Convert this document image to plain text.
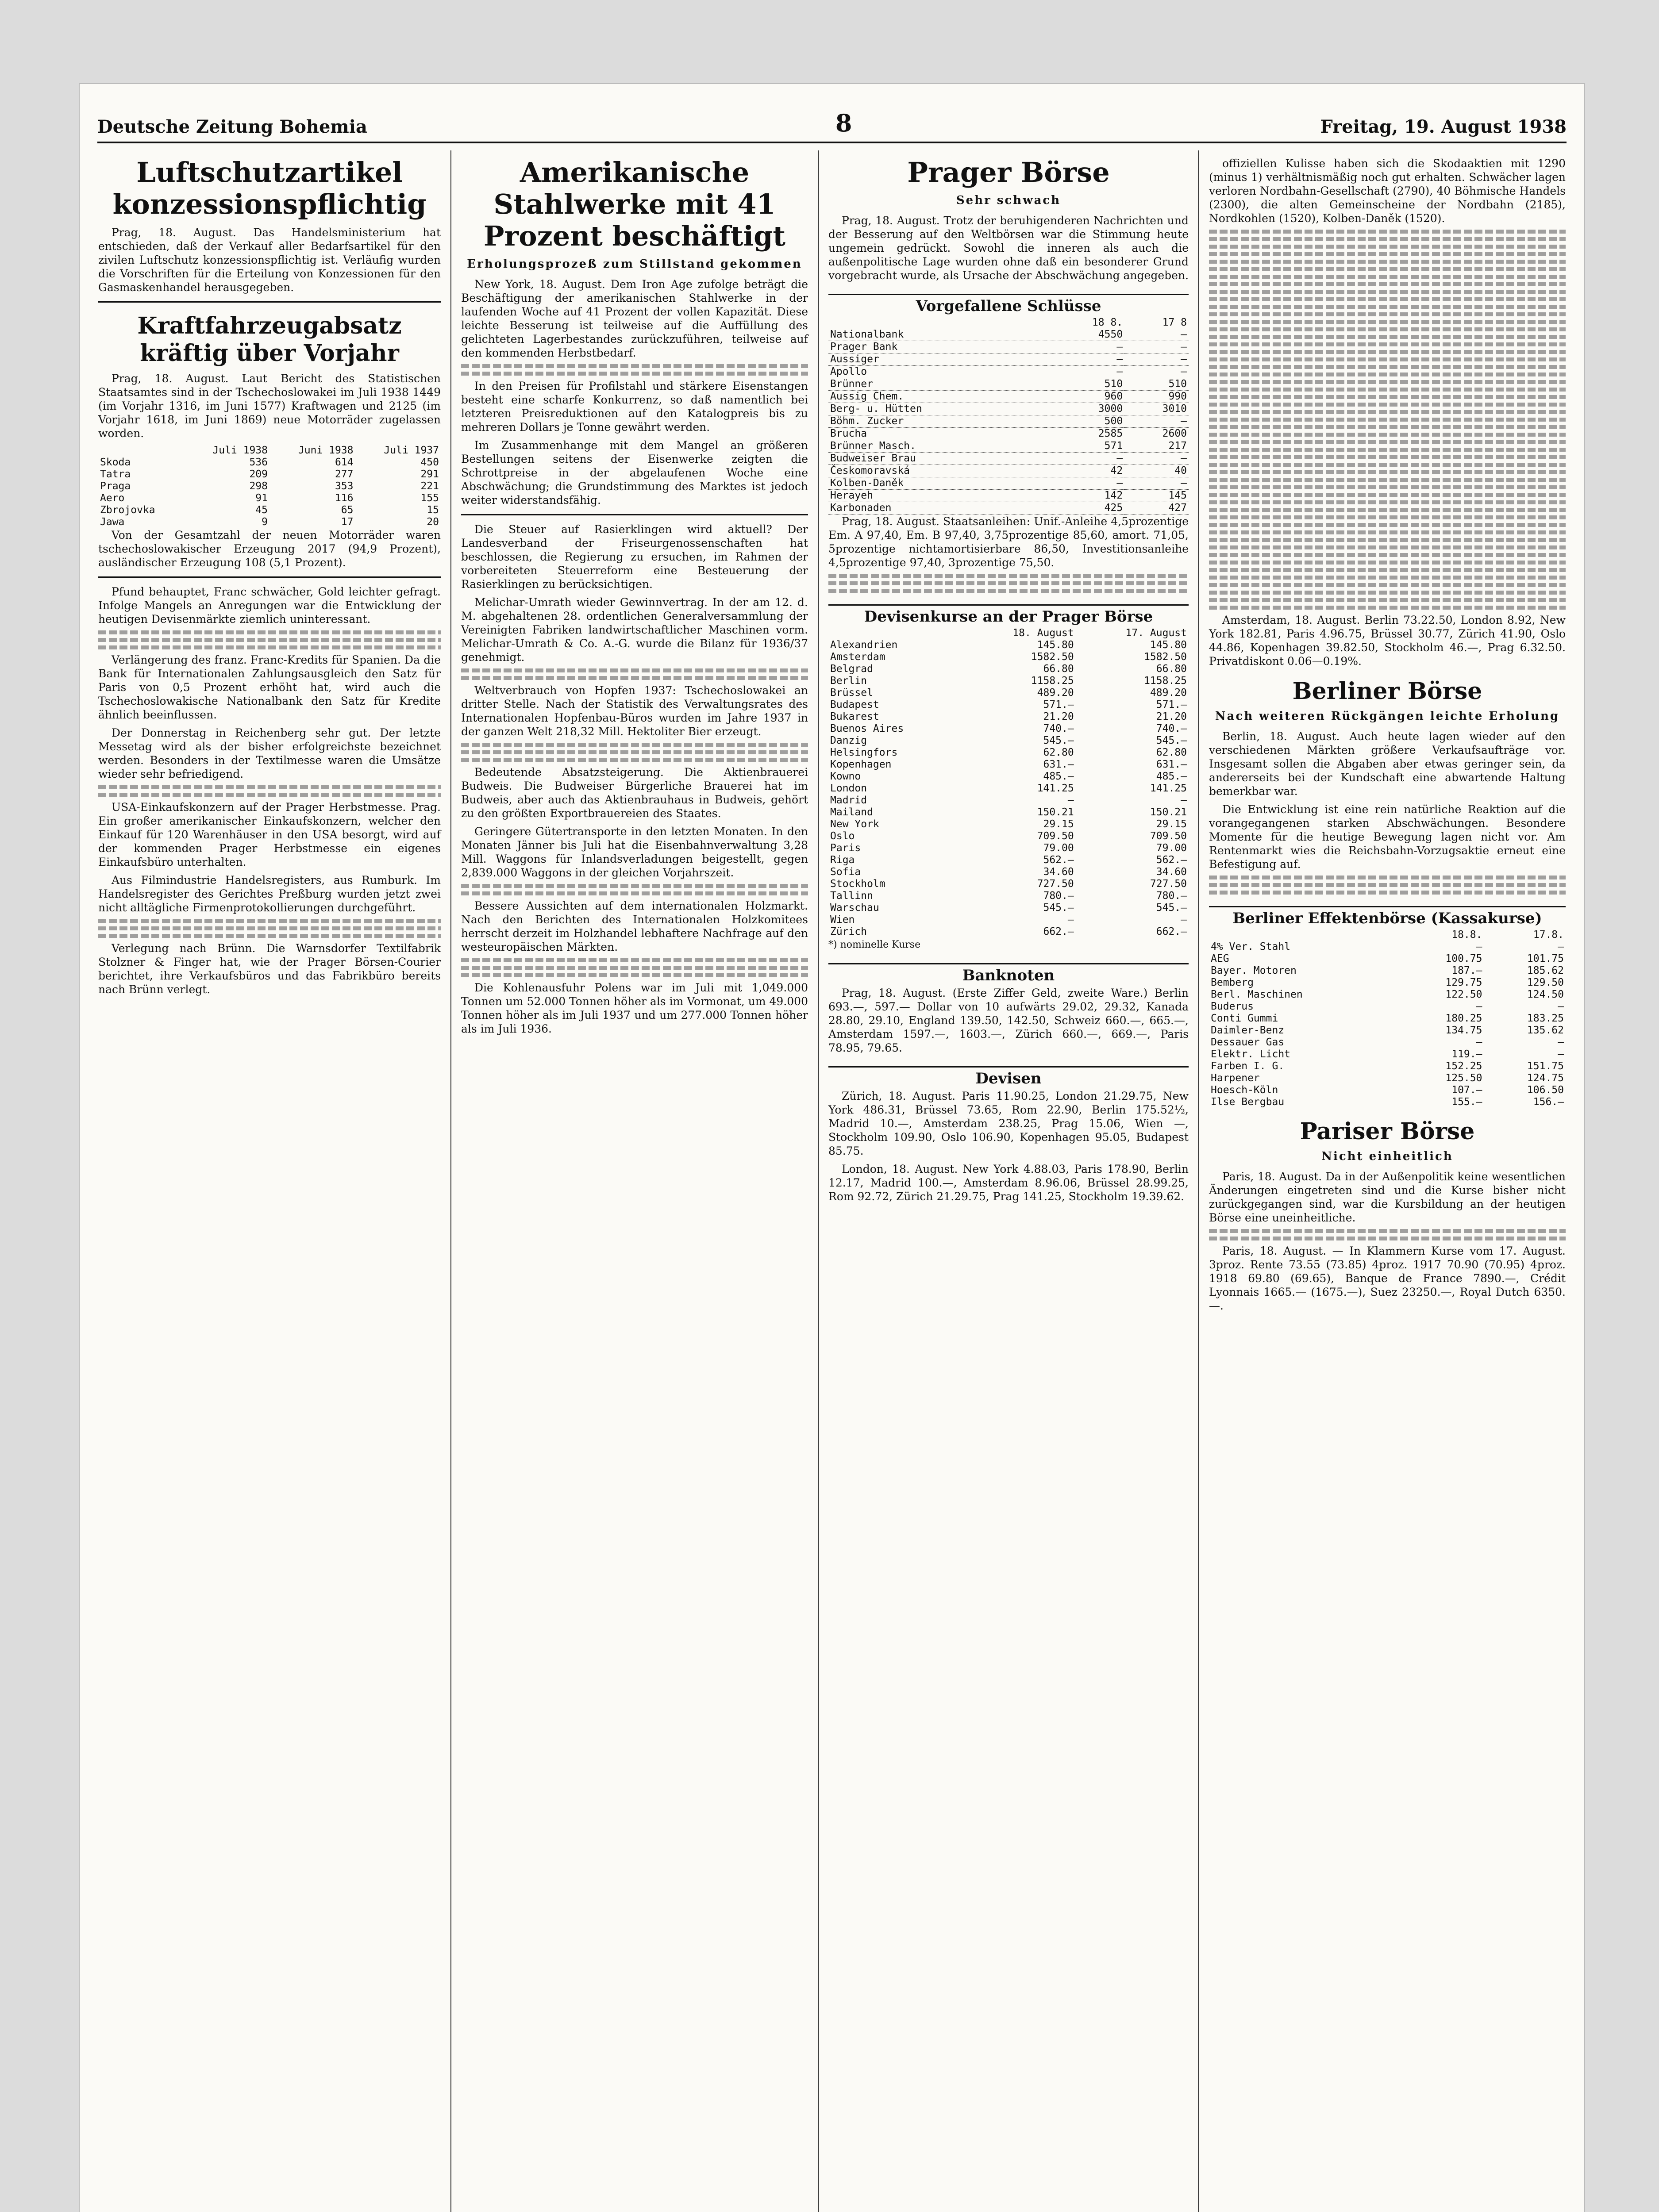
Deutsche Zeitung Bohemia	8	Freitag, 19. August 1938
Luftschutzartikel konzessionspflichtig

Prag, 18. August. Das Handelsministerium hat entschieden, daß der Verkauf aller Bedarfsartikel für den zivilen Luftschutz konzessionspflichtig ist. Verläufig wurden die Vorschriften für die Erteilung von Konzessionen für den Gasmaskenhandel herausgegeben.

Kraftfahrzeugabsatz kräftig über Vorjahr

Prag, 18. August. Laut Bericht des Statistischen Staatsamtes sind in der Tschechoslowakei im Juli 1938 1449 (im Vorjahr 1316, im Juni 1577) Kraftwagen und 2125 (im Vorjahr 1618, im Juni 1869) neue Motorräder zugelassen worden.

	Juli 1938	Juni 1938	Juli 1937
Skoda	536	614	450
Tatra	209	277	291
Praga	298	353	221
Aero	91	116	155
Zbrojovka	45	65	15
Jawa	9	17	20

Von der Gesamtzahl der neuen Motorräder waren tschechoslowakischer Erzeugung 2017 (94,9 Prozent), ausländischer Erzeugung 108 (5,1 Prozent).

Pfund behauptet, Franc schwächer, Gold leichter gefragt. Infolge Mangels an Anregungen war die Entwicklung der heutigen Devisenmärkte ziemlich uninteressant.

Verlängerung des franz. Franc-Kredits für Spanien. Da die Bank für Internationalen Zahlungsausgleich den Satz für Paris von 0,5 Prozent erhöht hat, wird auch die Tschechoslowakische Nationalbank den Satz für Kredite ähnlich beeinflussen.

Der Donnerstag in Reichenberg sehr gut. Der letzte Messetag wird als der bisher erfolgreichste bezeichnet werden. Besonders in der Textilmesse waren die Umsätze wieder sehr befriedigend.

USA-Einkaufskonzern auf der Prager Herbstmesse. Prag. Ein großer amerikanischer Einkaufskonzern, welcher den Einkauf für 120 Warenhäuser in den USA besorgt, wird auf der kommenden Prager Herbstmesse ein eigenes Einkaufsbüro unterhalten.

Aus Filmindustrie Handelsregisters, aus Rumburk. Im Handelsregister des Gerichtes Preßburg wurden jetzt zwei nicht alltägliche Firmenprotokollierungen durchgeführt.

Verlegung nach Brünn. Die Warnsdorfer Textilfabrik Stolzner & Finger hat, wie der Prager Börsen-Courier berichtet, ihre Verkaufsbüros und das Fabrikbüro bereits nach Brünn verlegt.

Amerikanische Stahlwerke mit 41 Prozent beschäftigt
Erholungsprozeß zum Stillstand gekommen

New York, 18. August. Dem Iron Age zufolge beträgt die Beschäftigung der amerikanischen Stahlwerke in der laufenden Woche auf 41 Prozent der vollen Kapazität. Diese leichte Besserung ist teilweise auf die Auffüllung des gelichteten Lagerbestandes zurückzuführen, teilweise auf den kommenden Herbstbedarf.

In den Preisen für Profilstahl und stärkere Eisenstangen besteht eine scharfe Konkurrenz, so daß namentlich bei letzteren Preisreduktionen auf den Katalogpreis bis zu mehreren Dollars je Tonne gewährt werden.

Im Zusammenhange mit dem Mangel an größeren Bestellungen seitens der Eisenwerke zeigten die Schrottpreise in der abgelaufenen Woche eine Abschwächung; die Grundstimmung des Marktes ist jedoch weiter widerstandsfähig.

Die Steuer auf Rasierklingen wird aktuell? Der Landesverband der Friseurgenossenschaften hat beschlossen, die Regierung zu ersuchen, im Rahmen der vorbereiteten Steuerreform eine Besteuerung der Rasierklingen zu berücksichtigen.

Melichar-Umrath wieder Gewinnvertrag. In der am 12. d. M. abgehaltenen 28. ordentlichen Generalversammlung der Vereinigten Fabriken landwirtschaftlicher Maschinen vorm. Melichar-Umrath & Co. A.-G. wurde die Bilanz für 1936/37 genehmigt.

Weltverbrauch von Hopfen 1937: Tschechoslowakei an dritter Stelle. Nach der Statistik des Verwaltungsrates des Internationalen Hopfenbau-Büros wurden im Jahre 1937 in der ganzen Welt 218,32 Mill. Hektoliter Bier erzeugt.

Bedeutende Absatzsteigerung. Die Aktienbrauerei Budweis. Die Budweiser Bürgerliche Brauerei hat im Budweis, aber auch das Aktienbrauhaus in Budweis, gehört zu den größten Exportbrauereien des Staates.

Geringere Gütertransporte in den letzten Monaten. In den Monaten Jänner bis Juli hat die Eisenbahnverwaltung 3,28 Mill. Waggons für Inlandsverladungen beigestellt, gegen 2,839.000 Waggons in der gleichen Vorjahrszeit.

Bessere Aussichten auf dem internationalen Holzmarkt. Nach den Berichten des Internationalen Holzkomitees herrscht derzeit im Holzhandel lebhaftere Nachfrage auf den westeuropäischen Märkten.

Die Kohlenausfuhr Polens war im Juli mit 1,049.000 Tonnen um 52.000 Tonnen höher als im Vormonat, um 49.000 Tonnen höher als im Juli 1937 und um 277.000 Tonnen höher als im Juli 1936.

Prager Börse
Sehr schwach

Prag, 18. August. Trotz der beruhigenderen Nachrichten und der Besserung auf den Weltbörsen war die Stimmung heute ungemein gedrückt. Sowohl die inneren als auch die außenpolitische Lage wurden ohne daß ein besonderer Grund vorgebracht wurde, als Ursache der Abschwächung angegeben.

Vorgefallene Schlüsse
	18 8.	17 8
Nationalbank	4550	—
Prager Bank	—	—
Aussiger	—	—
Apollo	—	—
Brünner	510	510
Aussig Chem.	960	990
Berg- u. Hütten	3000	3010
Böhm. Zucker	500	—
Brucha	2585	2600
Brünner Masch.	571	217
Budweiser Brau	—	—
Českomoravská	42	40
Kolben-Daněk	—	—
Herayeh	142	145
Karbonaden	425	427

Prag, 18. August. Staatsanleihen: Unif.-Anleihe 4,5prozentige Em. A 97,40, Em. B 97,40, 3,75prozentige 85,60, amort. 71,05, 5prozentige nichtamortisierbare 86,50, Investitionsanleihe 4,5prozentige 97,40, 3prozentige 75,50.

Devisenkurse an der Prager Börse
	18. August	17. August
Alexandrien	145.80	145.80
Amsterdam	1582.50	1582.50
Belgrad	66.80	66.80
Berlin	1158.25	1158.25
Brüssel	489.20	489.20
Budapest	571.—	571.—
Bukarest	21.20	21.20
Buenos Aires	740.—	740.—
Danzig	545.—	545.—
Helsingfors	62.80	62.80
Kopenhagen	631.—	631.—
Kowno	485.—	485.—
London	141.25	141.25
Madrid	—	—
Mailand	150.21	150.21
New York	29.15	29.15
Oslo	709.50	709.50
Paris	79.00	79.00
Riga	562.—	562.—
Sofia	34.60	34.60
Stockholm	727.50	727.50
Tallinn	780.—	780.—
Warschau	545.—	545.—
Wien	—	—
Zürich	662.—	662.—
*) nominelle Kurse
Banknoten

Prag, 18. August. (Erste Ziffer Geld, zweite Ware.) Berlin 693.—, 597.— Dollar von 10 aufwärts 29.02, 29.32, Kanada 28.80, 29.10, England 139.50, 142.50, Schweiz 660.—, 665.—, Amsterdam 1597.—, 1603.—, Zürich 660.—, 669.—, Paris 78.95, 79.65.

Devisen

Zürich, 18. August. Paris 11.90.25, London 21.29.75, New York 486.31, Brüssel 73.65, Rom 22.90, Berlin 175.52½, Madrid 10.—, Amsterdam 238.25, Prag 15.06, Wien —, Stockholm 109.90, Oslo 106.90, Kopenhagen 95.05, Budapest 85.75.

London, 18. August. New York 4.88.03, Paris 178.90, Berlin 12.17, Madrid 100.—, Amsterdam 8.96.06, Brüssel 28.99.25, Rom 92.72, Zürich 21.29.75, Prag 141.25, Stockholm 19.39.62.

offiziellen Kulisse haben sich die Skodaaktien mit 1290 (minus 1) verhältnismäßig noch gut erhalten. Schwächer lagen verloren Nordbahn-Gesellschaft (2790), 40 Böhmische Handels (2300), die alten Gemeinscheine der Nordbahn (2185), Nordkohlen (1520), Kolben-Daněk (1520).

Amsterdam, 18. August. Berlin 73.22.50, London 8.92, New York 182.81, Paris 4.96.75, Brüssel 30.77, Zürich 41.90, Oslo 44.86, Kopenhagen 39.82.50, Stockholm 46.—, Prag 6.32.50. Privatdiskont 0.06—0.19%.

Berliner Börse
Nach weiteren Rückgängen leichte Erholung

Berlin, 18. August. Auch heute lagen wieder auf den verschiedenen Märkten größere Verkaufsaufträge vor. Insgesamt sollen die Abgaben aber etwas geringer sein, da andererseits bei der Kundschaft eine abwartende Haltung bemerkbar war.

Die Entwicklung ist eine rein natürliche Reaktion auf die vorangegangenen starken Abschwächungen. Besondere Momente für die heutige Bewegung lagen nicht vor. Am Rentenmarkt wies die Reichsbahn-Vorzugsaktie erneut eine Befestigung auf.

Berliner Effektenbörse (Kassakurse)
	18.8.	17.8.
4% Ver. Stahl	—	—
AEG	100.75	101.75
Bayer. Motoren	187.—	185.62
Bemberg	129.75	129.50
Berl. Maschinen	122.50	124.50
Buderus	—	—
Conti Gummi	180.25	183.25
Daimler-Benz	134.75	135.62
Dessauer Gas	—	—
Elektr. Licht	119.—	—
Farben I. G.	152.25	151.75
Harpener	125.50	124.75
Hoesch-Köln	107.—	106.50
Ilse Bergbau	155.—	156.—
Pariser Börse
Nicht einheitlich

Paris, 18. August. Da in der Außenpolitik keine wesentlichen Änderungen eingetreten sind und die Kurse bisher nicht zurückgegangen sind, war die Kursbildung an der heutigen Börse eine uneinheitliche.

Paris, 18. August. — In Klammern Kurse vom 17. August. 3proz. Rente 73.55 (73.85) 4proz. 1917 70.90 (70.95) 4proz. 1918 69.80 (69.65), Banque de France 7890.—, Crédit Lyonnais 1665.— (1675.—), Suez 23250.—, Royal Dutch 6350.—.
